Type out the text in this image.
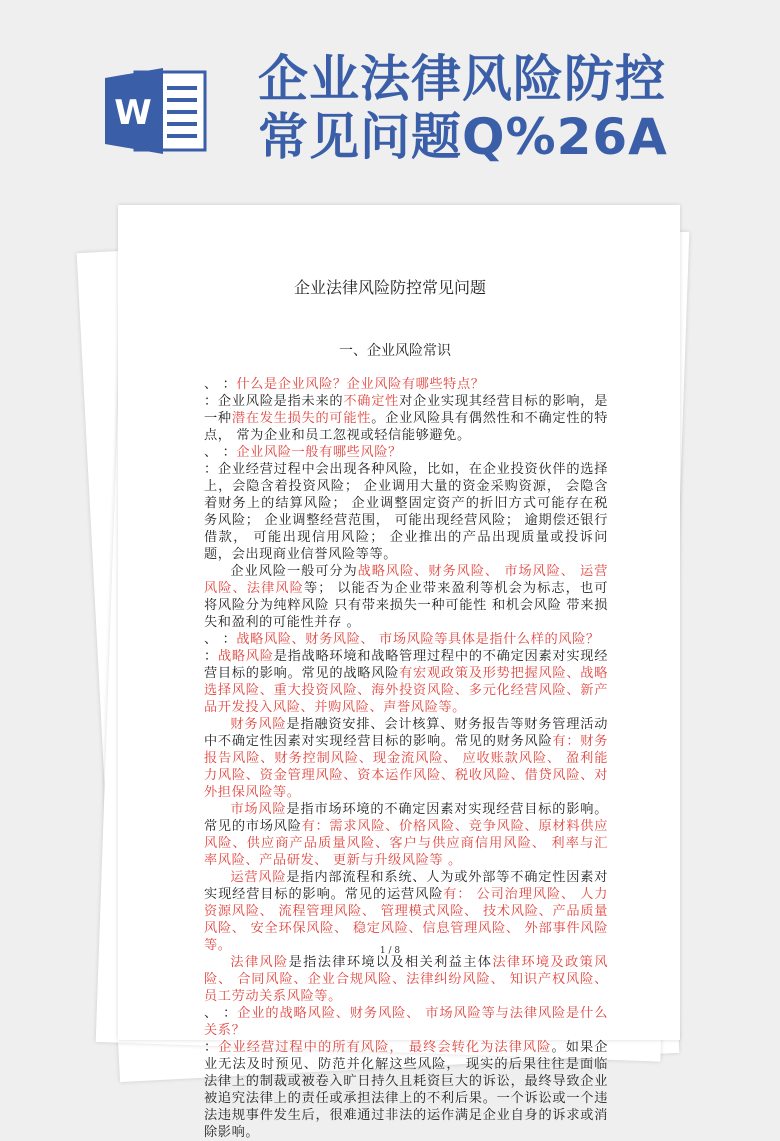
W
企业法律风险防控
常见问题Q%26A
企业法律风险防控常见问题
一、企业风险常识

、 ：什么是企业风险？企业风险有哪些特点？

：企业风险是指未来的不确定性对企业实现其经营目标的影响，是一种潜在发生损失的可能性。企业风险具有偶然性和不确定性的特点， 常为企业和员工忽视或轻信能够避免。

、 ：企业风险一般有哪些风险？

：企业经营过程中会出现各种风险，比如，在企业投资伙伴的选择上，会隐含着投资风险； 企业调用大量的资金采购资源， 会隐含着财务上的结算风险； 企业调整固定资产的折旧方式可能存在税务风险； 企业调整经营范围， 可能出现经营风险； 逾期偿还银行借款， 可能出现信用风险； 企业推出的产品出现质量或投诉问题，会出现商业信誉风险等等。

企业风险一般可分为战略风险、财务风险、 市场风险、 运营风险、法律风险等； 以能否为企业带来盈利等机会为标志，也可将风险分为纯粹风险 只有带来损失一种可能性 和机会风险 带来损失和盈利的可能性并存 。

、 ：战略风险、财务风险、 市场风险等具体是指什么样的风险？

：战略风险是指战略环境和战略管理过程中的不确定因素对实现经营目标的影响。常见的战略风险有宏观政策及形势把握风险、战略选择风险、重大投资风险、海外投资风险、多元化经营风险、新产品开发投入风险、并购风险、声誉风险等。

财务风险是指融资安排、会计核算、财务报告等财务管理活动中不确定性因素对实现经营目标的影响。常见的财务风险有：财务报告风险、财务控制风险、现金流风险、 应收账款风险、 盈利能力风险、资金管理风险、资本运作风险、税收风险、借贷风险、对外担保风险等。

市场风险是指市场环境的不确定因素对实现经营目标的影响。 常见的市场风险有：需求风险、价格风险、竞争风险、原材料供应风险、供应商产品质量风险、客户与供应商信用风险、 利率与汇率风险、产品研发、 更新与升级风险等 。

运营风险是指内部流程和系统、人为或外部等不确定性因素对实现经营目标的影响。常见的运营风险有： 公司治理风险、 人力资源风险、 流程管理风险、 管理模式风险、 技术风险、产品质量风险、 安全环保风险、 稳定风险、信息管理风险、 外部事件风险等。

法律风险是指法律环境以及相关利益主体法律环境及政策风险、 合同风险、企业合规风险、法律纠纷风险、 知识产权风险、员工劳动关系风险等。

、 ：企业的战略风险、财务风险、 市场风险等与法律风险是什么关系？

：企业经营过程中的所有风险， 最终会转化为法律风险。如果企业无法及时预见、防范并化解这些风险， 现实的后果往往是面临法律上的制裁或被卷入旷日持久且耗资巨大的诉讼，最终导致企业被追究法律上的责任或承担法律上的不利后果。一个诉讼或一个违法违规事件发生后，很难通过非法的运作满足企业自身的诉求或消除影响。

1 / 8
